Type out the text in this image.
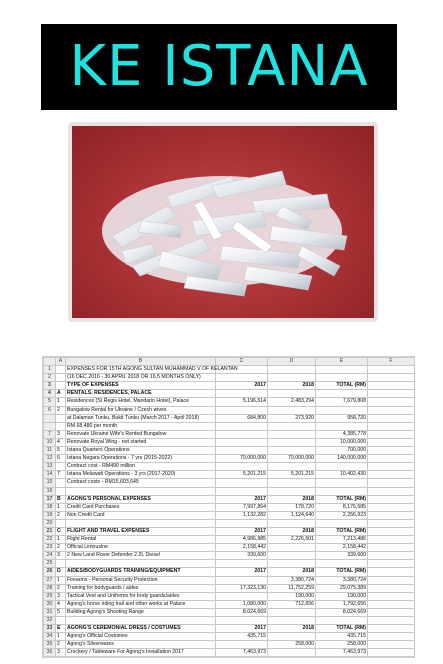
KE ISTANA
	A	B	C	D	E	F
1		EXPENSES FOR 15TH AGONG SULTAN MUHAMMAD V OF KELANTAN				
2		(16 DEC 2016 - 30 APRIL 2018 OR 16.5 MONTHS ONLY)				
3		TYPE OF EXPENSES	2017	2018	TOTAL (RM)	
4	A	RENTALS, RESIDENCES, PALACE				
5	1	Residences (St Regis Hotel, Mandarin Hotel), Palace	5,196,514	2,483,294	7,679,808	
6	2	Bungalow Rental for Ukraine / Czech wives				
		at Dalaman Tunku, Bukit Tunku (March 2017 - April 2018)	684,800	273,920	958,720	
		RM 68,480 per month				
7	3	Renovate Ukraine Wife's Rented Bungalow			4,385,778	
10	4	Renovate Royal Wing - not started			10,000,000	
11	5	Istana Quarters Operations			700,000	
12	6	Istana Negara Operations - 7 yrs (2015-2022)	70,000,000	70,000,000	140,000,000	
13		Contract cost - RM490 million				
14	7	Istana Melawati Operations - 3 yrs (2017-2020)	5,201,215	5,201,215	10,402,430	
15		Contract costs - RM15,603,645				
16						
17	B	AGONG'S PERSONAL EXPENSES	2017	2018	TOTAL (RM)	
18	1	Credit Card Purchases	7,997,864	178,720	8,176,585	
19	2	Non Credit Card	1,132,282	1,124,640	2,256,923	
20						
21	C	FLIGHT AND TRAVEL EXPENSES	2017	2018	TOTAL (RM)	
22	1	Flight Rental	4,986,985	2,226,501	7,213,486	
23	2	Official Limousine	2,158,442		2,158,442	
24	3	2 New Land Rover Defender 2.2L Diesel	339,600		339,600	
25						
26	D	AIDES/BODYGUARDS TRAINING/EQUIPMENT	2017	2018	TOTAL (RM)	
27	1	Firearms - Personal Security Protection		3,380,724	3,380,724	
28	2	Training for bodyguards / aides	17,323,130	11,752,259	29,075,389	
29	3	Tactical Vest and Uniforms for body guards/aides		190,000	190,000	
30	4	Agong's horse riding trail and other works at Palace	1,080,000	712,656	1,792,656	
31	5	Building Agong's Shooting Range	8,024,669		8,024,669	
32						
33	E	AGONG'S CEREMONIAL DRESS / COSTUMES	2017	2018	TOTAL (RM)	
34	1	Agong's Official Costumes	435,715		435,715	
35	2	Agong's Silverwares		258,000	258,000	
36	3	Crockery / Tableware For Agong's Installation 2017	7,463,973		7,463,973	
